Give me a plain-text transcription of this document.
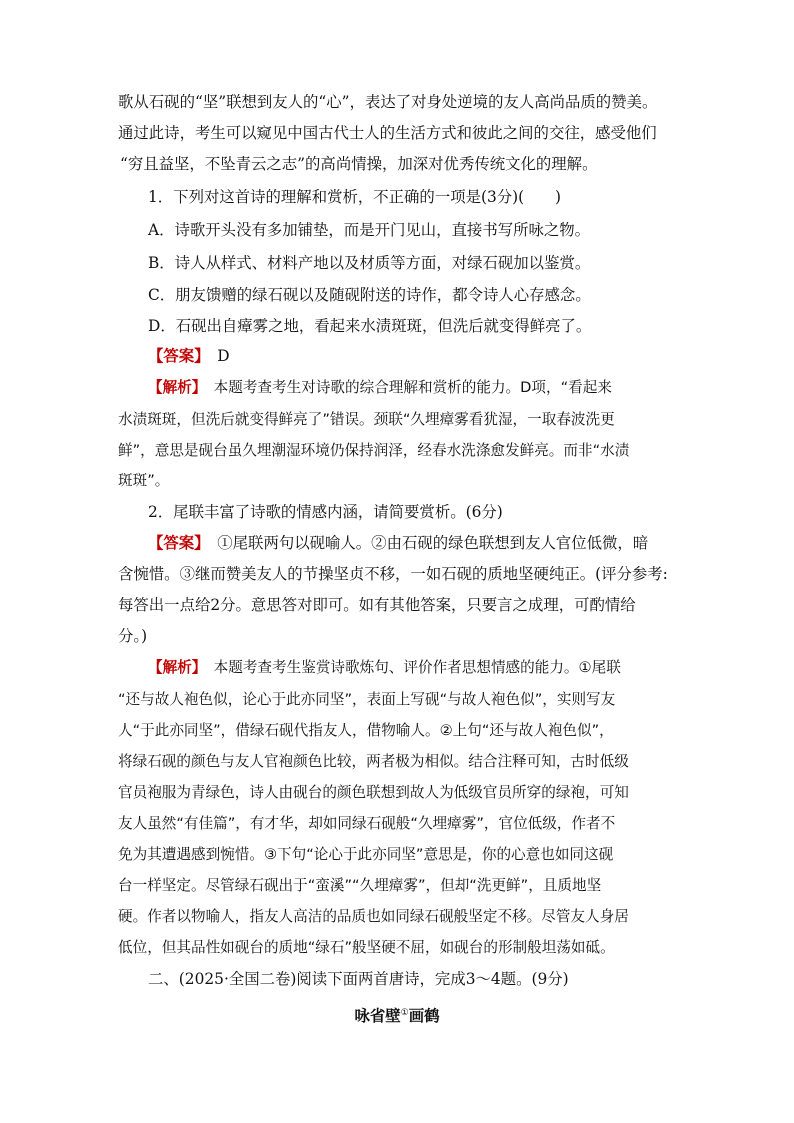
歌从石砚的“坚”联想到友人的“心”，表达了对身处逆境的友人高尚品质的赞美。
通过此诗，考生可以窥见中国古代士人的生活方式和彼此之间的交往，感受他们
“穷且益坚，不坠青云之志”的高尚情操，加深对优秀传统文化的理解。
1．下列对这首诗的理解和赏析，不正确的一项是(3分)(　　)
A．诗歌开头没有多加铺垫，而是开门见山，直接书写所咏之物。
B．诗人从样式、材料产地以及材质等方面，对绿石砚加以鉴赏。
C．朋友馈赠的绿石砚以及随砚附送的诗作，都令诗人心存感念。
D．石砚出自瘴雾之地，看起来水渍斑斑，但洗后就变得鲜亮了。
【答案】　D
【解析】　本题考查考生对诗歌的综合理解和赏析的能力。D项，“看起来
水渍斑斑，但洗后就变得鲜亮了”错误。颈联“久埋瘴雾看犹湿，一取春波洗更
鲜”，意思是砚台虽久埋潮湿环境仍保持润泽，经春水洗涤愈发鲜亮。而非“水渍
斑斑”。
2．尾联丰富了诗歌的情感内涵，请简要赏析。(6分)
【答案】　①尾联两句以砚喻人。②由石砚的绿色联想到友人官位低微，暗
含惋惜。③继而赞美友人的节操坚贞不移，一如石砚的质地坚硬纯正。(评分参考:
每答出一点给2分。意思答对即可。如有其他答案，只要言之成理，可酌情给
分。)
【解析】　本题考查考生鉴赏诗歌炼句、评价作者思想情感的能力。①尾联
“还与故人袍色似，论心于此亦同坚”，表面上写砚“与故人袍色似”，实则写友
人“于此亦同坚”，借绿石砚代指友人，借物喻人。②上句“还与故人袍色似”，
将绿石砚的颜色与友人官袍颜色比较，两者极为相似。结合注释可知，古时低级
官员袍服为青绿色，诗人由砚台的颜色联想到故人为低级官员所穿的绿袍，可知
友人虽然“有佳篇”，有才华，却如同绿石砚般“久埋瘴雾”，官位低级，作者不
免为其遭遇感到惋惜。③下句“论心于此亦同坚”意思是，你的心意也如同这砚
台一样坚定。尽管绿石砚出于“蛮溪”“久埋瘴雾”，但却“洗更鲜”，且质地坚
硬。作者以物喻人，指友人高洁的品质也如同绿石砚般坚定不移。尽管友人身居
低位，但其品性如砚台的质地“绿石”般坚硬不屈，如砚台的形制般坦荡如砥。
二、(2025·全国二卷)阅读下面两首唐诗，完成3～4题。(9分)
咏省壁①画鹤
